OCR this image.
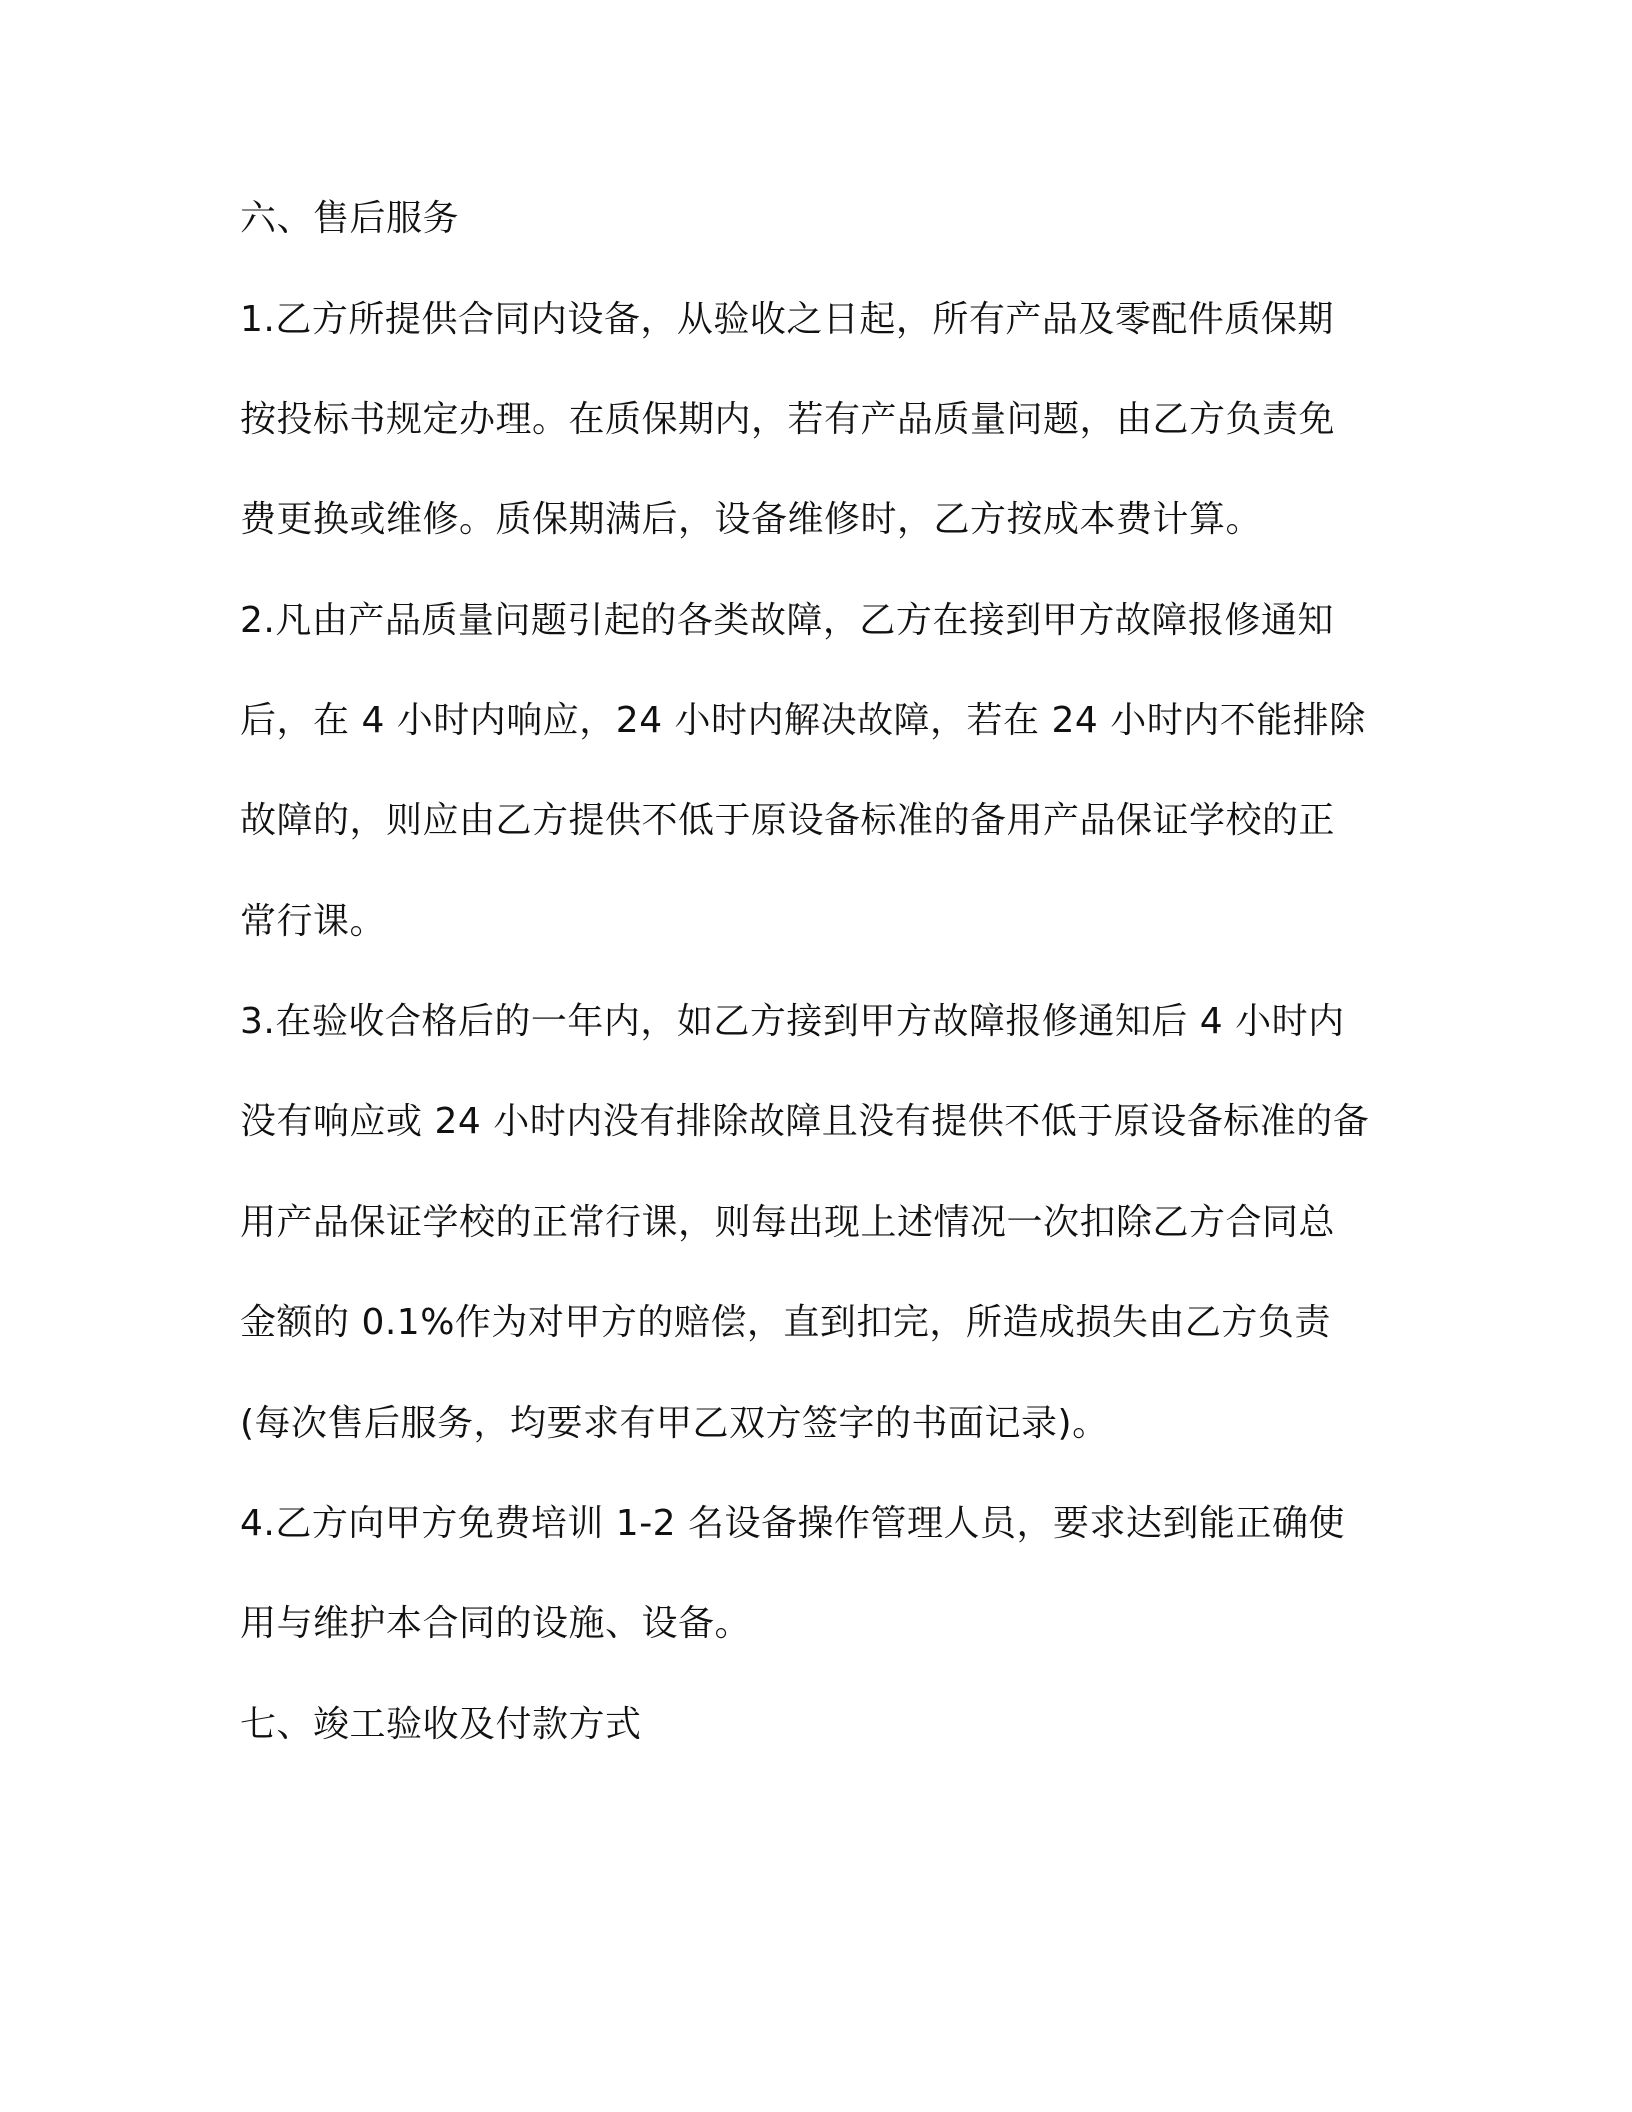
六、售后服务
1.乙方所提供合同内设备，从验收之日起，所有产品及零配件质保期
按投标书规定办理。在质保期内，若有产品质量问题，由乙方负责免
费更换或维修。质保期满后，设备维修时，乙方按成本费计算。
2.凡由产品质量问题引起的各类故障，乙方在接到甲方故障报修通知
后，在 4 小时内响应，24 小时内解决故障，若在 24 小时内不能排除
故障的，则应由乙方提供不低于原设备标准的备用产品保证学校的正
常行课。
3.在验收合格后的一年内，如乙方接到甲方故障报修通知后 4 小时内
没有响应或 24 小时内没有排除故障且没有提供不低于原设备标准的备
用产品保证学校的正常行课，则每出现上述情况一次扣除乙方合同总
金额的 0.1%作为对甲方的赔偿，直到扣完，所造成损失由乙方负责
(每次售后服务，均要求有甲乙双方签字的书面记录)。
4.乙方向甲方免费培训 1-2 名设备操作管理人员，要求达到能正确使
用与维护本合同的设施、设备。
七、竣工验收及付款方式
